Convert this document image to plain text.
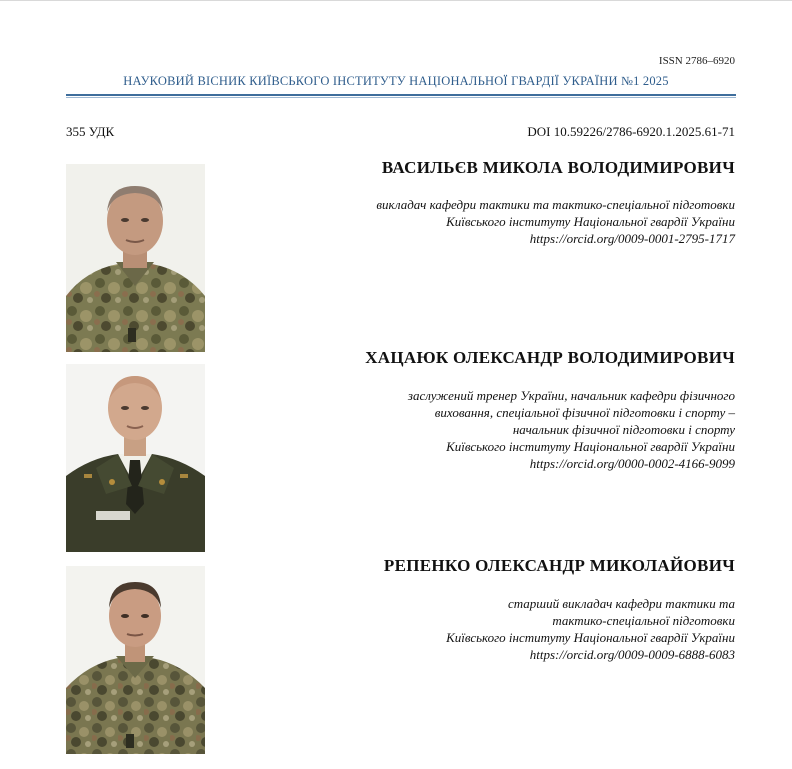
ISSN 2786–6920
НАУКОВИЙ ВІСНИК КИЇВСЬКОГО ІНСТИТУТУ НАЦІОНАЛЬНОЇ ГВАРДІЇ УКРАЇНИ №1 2025
355 УДК	DOI 10.59226/2786-6920.1.2025.61-71
ВАСИЛЬЄВ МИКОЛА ВОЛОДИМИРОВИЧ
викладач кафедри тактики та тактико-спеціальної підготовки
Київського інституту Національної гвардії України
https://orcid.org/0009-0001-2795-1717
ХАЦАЮК ОЛЕКСАНДР ВОЛОДИМИРОВИЧ
заслужений тренер України, начальник кафедри фізичного
виховання, спеціальної фізичної підготовки і спорту –
начальник фізичної підготовки і спорту
Київського інституту Національної гвардії України
https://orcid.org/0000-0002-4166-9099
РЕПЕНКО ОЛЕКСАНДР МИКОЛАЙОВИЧ
старший викладач кафедри тактики та
тактико-спеціальної підготовки
Київського інституту Національної гвардії України
https://orcid.org/0009-0009-6888-6083
